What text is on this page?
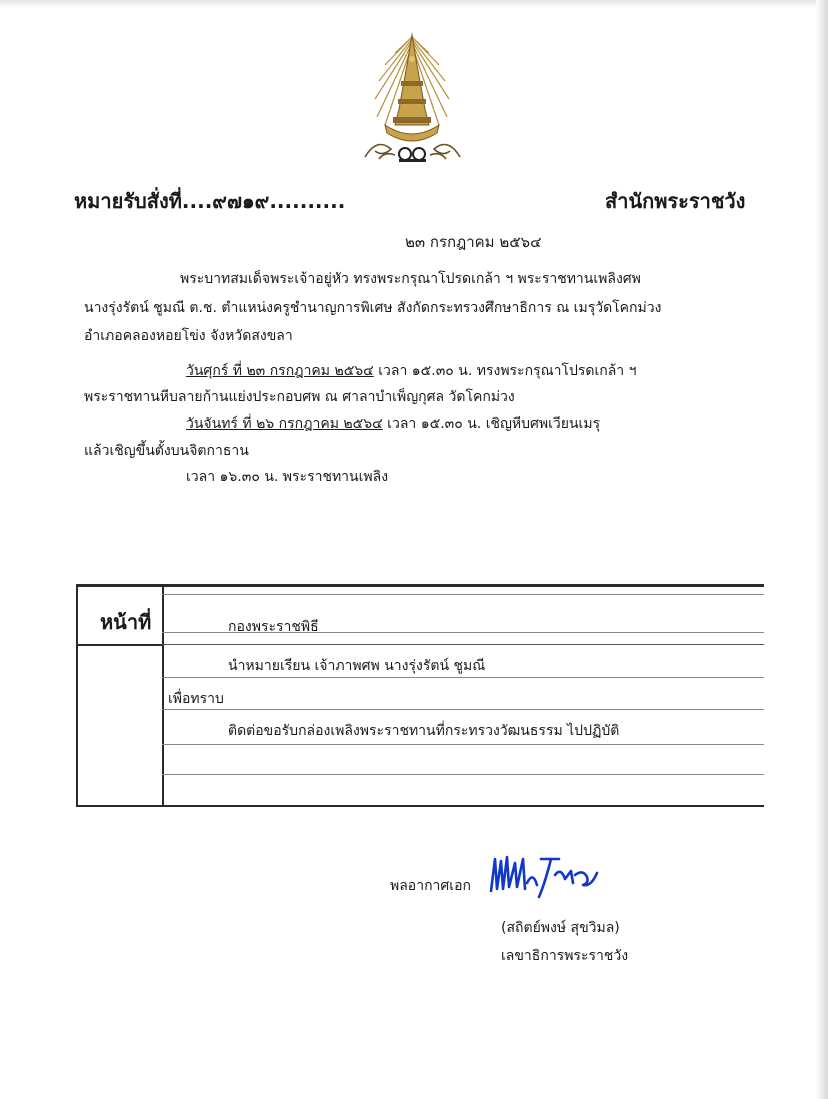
หมายรับสั่งที่....๙๗๑๙..........	สำนักพระราชวัง
๒๓ กรกฎาคม ๒๕๖๔
พระบาทสมเด็จพระเจ้าอยู่หัว ทรงพระกรุณาโปรดเกล้า ฯ พระราชทานเพลิงศพ
นางรุ่งรัตน์ ชูมณี ต.ช. ตำแหน่งครูชำนาญการพิเศษ สังกัดกระทรวงศึกษาธิการ ณ เมรุวัดโคกม่วง
อำเภอคลองหอยโข่ง จังหวัดสงขลา
วันศุกร์ ที่ ๒๓ กรกฎาคม ๒๕๖๔ เวลา ๑๕.๓๐ น. ทรงพระกรุณาโปรดเกล้า ฯ
พระราชทานหีบลายก้านแย่งประกอบศพ ณ ศาลาบำเพ็ญกุศล วัดโคกม่วง
วันจันทร์ ที่ ๒๖ กรกฎาคม ๒๕๖๔ เวลา ๑๕.๓๐ น. เชิญหีบศพเวียนเมรุ
แล้วเชิญขึ้นตั้งบนจิตกาธาน
เวลา ๑๖.๓๐ น. พระราชทานเพลิง
หน้าที่	กองพระราชพิธี
นำหมายเรียน เจ้าภาพศพ นางรุ่งรัตน์ ชูมณี
เพื่อทราบ
ติดต่อขอรับกล่องเพลิงพระราชทานที่กระทรวงวัฒนธรรม ไปปฏิบัติ
พลอากาศเอก
(สถิตย์พงษ์ สุขวิมล)
เลขาธิการพระราชวัง
